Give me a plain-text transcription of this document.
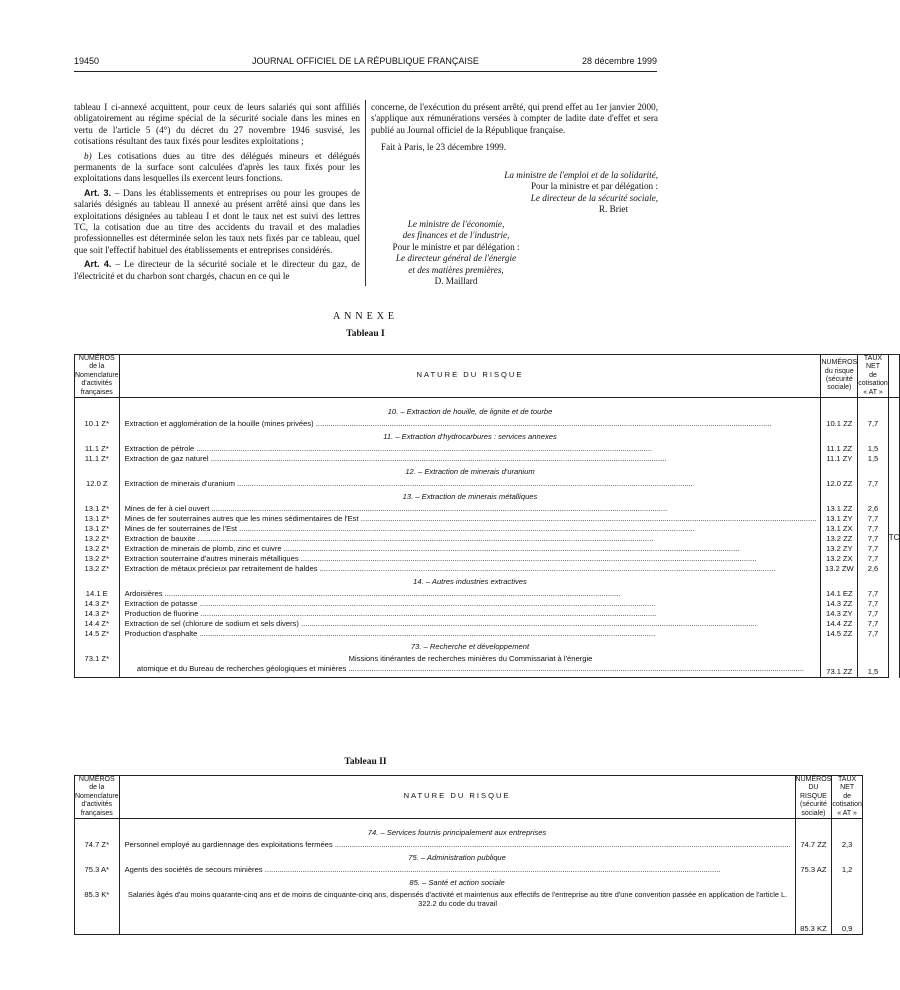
19450	JOURNAL OFFICIEL DE LA RÉPUBLIQUE FRANÇAISE	28 décembre 1999

tableau I ci-annexé acquittent, pour ceux de leurs salariés qui sont affiliés obligatoirement au régime spécial de la sécurité sociale dans les mines en vertu de l'article 5 (4°) du décret du 27 novembre 1946 susvisé, les cotisations résultant des taux fixés pour lesdites exploitations ;

b) Les cotisations dues au titre des délégués mineurs et délégués permanents de la surface sont calculées d'après les taux fixés pour les exploitations dans lesquelles ils exercent leurs fonctions.

Art. 3. – Dans les établissements et entreprises ou pour les groupes de salariés désignés au tableau II annexé au présent arrêté ainsi que dans les exploitations désignées au tableau I et dont le taux net est suivi des lettres TC, la cotisation due au titre des accidents du travail et des maladies professionnelles est déterminée selon les taux nets fixés par ce tableau, quel que soit l'effectif habituel des établissements et entreprises considérés.

Art. 4. – Le directeur de la sécurité sociale et le directeur du gaz, de l'électricité et du charbon sont chargés, chacun en ce qui le

concerne, de l'exécution du présent arrêté, qui prend effet au 1er janvier 2000, s'applique aux rémunérations versées à compter de ladite date d'effet et sera publié au Journal officiel de la République française.

Fait à Paris, le 23 décembre 1999.

La ministre de l'emploi et de la solidarité,
Pour la ministre et par délégation :
Le directeur de la sécurité sociale,
R. Briet
Le ministre de l'économie,
des finances et de l'industrie,
Pour le ministre et par délégation :
Le directeur général de l'énergie
et des matières premières,
D. Maillard
ANNEXE
Tableau I
NUMÉROS
de la Nomenclature
d'activités françaises	NATURE DU RISQUE	NUMÉROS
du risque
(sécurité sociale)	TAUX NET
de cotisation
« AT »	
				TC
	10. – Extraction de houille, de lignite et de tourbe			
10.1 Z*	Extraction et agglomération de la houille (mines privées) .....	10.1 ZZ	7,7	
	11. – Extraction d'hydrocarbures : services annexes			
11.1 Z*	Extraction de pétrole .....	11.1 ZZ	1,5	
11.1 Z*	Extraction de gaz naturel .....	11.1 ZY	1,5	
	12. – Extraction de minerais d'uranium			
12.0 Z	Extraction de minerais d'uranium .....	12.0 ZZ	7,7	
	13. – Extraction de minerais métalliques			
13.1 Z*	Mines de fer à ciel ouvert .....	13.1 ZZ	2,6	
13.1 Z*	Mines de fer souterraines autres que les mines sédimentaires de l'Est .....	13.1 ZY	7,7	
13.1 Z*	Mines de fer souterraines de l'Est .....	13.1 ZX	7,7	
13.2 Z*	Extraction de bauxite .....	13.2 ZZ	7,7	
13.2 Z*	Extraction de minerais de plomb, zinc et cuivre .....	13.2 ZY	7,7	
13.2 Z*	Extraction souterraine d'autres minerais métalliques .....	13.2 ZX	7,7	
13.2 Z*	Extraction de métaux précieux par retraitement de haldes .....	13.2 ZW	2,6	
	14. – Autres industries extractives			
14.1 E	Ardoisières .....	14.1 EZ	7,7	
14.3 Z*	Extraction de potasse .....	14.3 ZZ	7,7	
14.3 Z*	Production de fluorine .....	14.3 ZY	7,7	
14.4 Z*	Extraction de sel (chlorure de sodium et sels divers) .....	14.4 ZZ	7,7	
14.5 Z*	Production d'asphalte .....	14.5 ZZ	7,7	
	73. – Recherche et développement			
73.1 Z*	Missions itinérantes de recherches minières du Commissariat à l'énergie
atomique et du Bureau de recherches géologiques et minières .....	73.1 ZZ	1,5	
Tableau II
NUMÉROS
de la Nomenclature
d'activités françaises	NATURE DU RISQUE	NUMÉROS DU RISQUE
(sécurité sociale)	TAUX NET
de cotisation « AT »

	74. – Services fournis principalement aux entreprises		
74.7 Z*	Personnel employé au gardiennage des exploitations fermées .....	74.7 ZZ	2,3
	75. – Administration publique		
75.3 A*	Agents des sociétés de secours minières .....	75.3 AZ	1,2
	85. – Santé et action sociale		
85.3 K*	Salariés âgés d'au moins quarante-cinq ans et de moins de cinquante-cinq ans, dispensés d'activité et maintenus aux effectifs de l'entreprise au titre d'une convention passée en application de l'article L. 322.2 du code du travail	85.3 KZ	0,9
